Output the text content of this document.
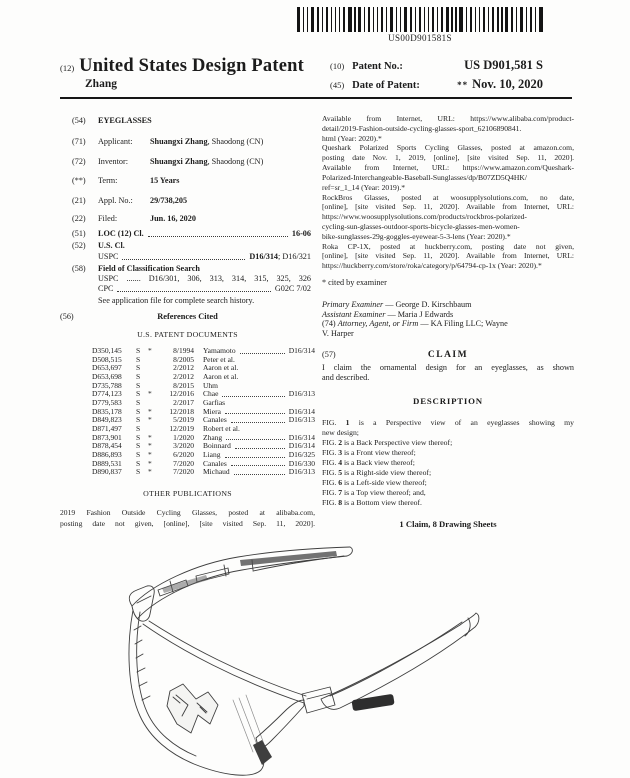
US00D901581S
(12) United States Design Patent
Zhang
(10) Patent No.:	US D901,581 S
(45) Date of Patent:	** Nov. 10, 2020
(54)	EYEGLASSES
(71)	Applicant:	Shuangxi Zhang, Shaodong (CN)
(72)	Inventor:	Shuangxi Zhang, Shaodong (CN)
(**)	Term:	15 Years
(21)	Appl. No.:	29/738,205
(22)	Filed:	Jun. 16, 2020
(51)	LOC (12) Cl.	16-06
(52)	U.S. Cl.
USPC	D16/314; D16/321
(58)	Field of Classification Search
USPC ....... D16/301, 306, 313, 314, 315, 325, 326
CPC	G02C 7/02
See application file for complete search history.
(56)	References Cited
U.S. PATENT DOCUMENTS
D350,145	S	*	8/1994 Yamamoto	D16/314
D508,515	S	8/2005 Peter et al.
D653,697	S	2/2012 Aaron et al.
D653,698	S	2/2012 Aaron et al.
D735,788	S	8/2015 Uhm
D774,123	S	*	12/2016 Chae	D16/313
D779,583	S	2/2017 Garfias
D835,178	S	*	12/2018 Miera	D16/314
D849,823	S	*	5/2019 Canales	D16/313
D871,497	S	12/2019 Robert et al.
D873,901	S	*	1/2020 Zhang	D16/314
D878,454	S	*	3/2020 Boinnard	D16/314
D886,893	S	*	6/2020 Liang	D16/325
D889,531	S	*	7/2020 Canales	D16/330
D890,837	S	*	7/2020 Michaud	D16/313
OTHER PUBLICATIONS
2019 Fashion Outside Cycling Glasses, posted at alibaba.com,
posting date not given, [online], [site visited Sep. 11, 2020].
Available from Internet, URL: https://www.alibaba.com/product-
detail/2019-Fashion-outside-cycling-glasses-sport_62106890841.
html (Year: 2020).*
Queshark Polarized Sports Cycling Glasses, posted at amazon.com,
posting date Nov. 1, 2019, [online], [site visited Sep. 11, 2020].
Available from Internet, URL: https://www.amazon.com/Queshark-
Polarized-Interchangeable-Baseball-Sunglasses/dp/B07ZD5Q4HK/
ref=sr_1_14 (Year: 2019).*
RockBros Glasses, posted at woosupplysolutions.com, no date,
[online], [site visited Sep. 11, 2020]. Available from Internet, URL:
https://www.woosupplysolutions.com/products/rockbros-polarized-
cycling-sun-glasses-outdoor-sports-bicycle-glasses-men-women-
bike-sunglasses-29g-goggles-eyewear-5-3-lens (Year: 2020).*
Roka CP-1X, posted at huckberry.com, posting date not given,
[online], [site visited Sep. 11, 2020]. Available from Internet, URL:
https://huckberry.com/store/roka/category/p/64794-cp-1x (Year: 2020).*
* cited by examiner
Primary Examiner — George D. Kirschbaum
Assistant Examiner — Maria J Edwards
(74) Attorney, Agent, or Firm — KA Filing LLC; Wayne
V. Harper
(57)	CLAIM
I claim the ornamental design for an eyeglasses, as shown
and described.
DESCRIPTION
FIG. 1 is a Perspective view of an eyeglasses showing my
new design;
FIG. 2 is a Back Perspective view thereof;
FIG. 3 is a Front view thereof;
FIG. 4 is a Back view thereof;
FIG. 5 is a Right-side view thereof;
FIG. 6 is a Left-side view thereof;
FIG. 7 is a Top view thereof; and,
FIG. 8 is a Bottom view thereof.
1 Claim, 8 Drawing Sheets
